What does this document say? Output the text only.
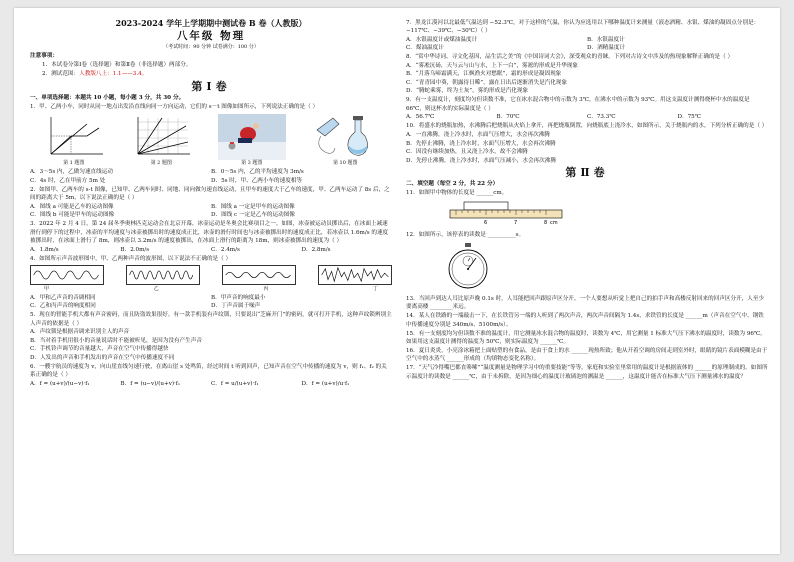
2023-2024 学年上学期期中测试卷 B 卷（人教版）
八年级 物理
（考试时间：90 分钟 试卷满分：100 分）
注意事项：
1．本试卷分第Ⅰ卷（选择题）和第Ⅱ卷（非选择题）两部分。
2．测试范围：人教版八上：1.1——3.4。
第Ⅰ卷
一、单项选择题：本题共 10 小题，每小题 3 分，共 30 分。
1．甲、乙两小车，同时从同一地点出发沿直线向同一方向运动，它们的 s－t 图像如图所示，下列说法正确的是（ ）
第 1 题图	第 2 题图	第 3 题图	第 10 题图
A．3～5s 内，乙做匀速直线运动	B．0～5s 内，乙的平均速度为 3m/s
C．4s 时，乙在甲前方 5m 处	D．5s 时，甲、乙两小车的速度相等
2．如图甲、乙两车的 s-t 图像，已知甲、乙两车同时、同地、同向做匀速直线运动，且甲车的速度大于乙车的速度，甲、乙两车运动了 8s 后，之间的距离大于 5m，以下说法正确的是（ ）
A．图线 a 可能是乙车的运动图像	B．图线 a 一定是甲车的运动图像
C．图线 b 可能是甲车的运动图像	D．图线 c 一定是乙车的运动图像
3．2022 年 2 月 4 日，第 24 届冬季奥林匹克运动会在北京开幕，冰壶运动是冬奥会比赛项目之一。如图，冰壶被运动员掷出后，在冰面上减速滑行到停下的过程中，冰壶的平均速度与冰壶被掷出时的速度成正比，冰壶的滑行时间也与冰壶被掷出时的速度成正比，若冰壶以 1.6m/s 的速度被掷出时，在冰面上滑行了 8m，则冰壶以 3.2m/s 的速度被掷出，在冰面上滑行的距离为 18m，则冰壶被掷出的速度为（ ）
A．1.8m/s	B．2.0m/s	C．2.4m/s	D．2.8m/s
4．如图所示声音波形图中，甲、乙两种声音的波形图，以下说法不正确的是（ ）
甲	乙	丙	丁
A．甲和乙声音的音调相同	B．甲声音的响度最小
C．乙和丙声音的响度相同	D．丁声音属于噪声
5．现在的智能手机大都有声音密码，而且防盗效果很好。有一款手机装有声纹锁，只要说出“芝麻开门”的密码，就可打开手机，这种声纹锁辨别主人声音的依据是（ ）
A．声纹锁是根据音调来识别主人的声音
B．当对着手机用很小的音量说话时不能被听见，是因为没有产生声音
C．手机铃声调节的音量越大，声音在空气中传播得越快
D．人发出的声音和手机发出的声音在空气中传播速度不同
6．一艘宇航员的速度为 v，向山崖直线匀速行驶，在离山崖 s 处鸣笛，经过时间 t 听到回声，已知声音在空气中传播的速度为 v，则 f₁、f₂ 的关系正确的是（ ）
A．f = (u+v)/(u−v)·f₁	B．f = (u−v)/(u+v)·f₁	C．f = u/(u+v)·f₁	D．f = (u+v)/u·f₁
7．黑龙江漠河以北最低气温达到 −52.3℃，对于这样的气温，你认为应选用以下哪种温度计来测量（液态酒精、水银、煤油的凝固点分别是：−117℃、−39℃、−30℃）（ ）
A．水银温度计或煤油温度计	B．水银温度计
C．煤油温度计	D．酒精温度计
8．“赏中华诗词、寻文化基因，品生活之美”的《中国诗词大会》，深受观众的青睐。下列对古诗文中涉及的热现象解释正确的是（ ）
A．“雾凇沆砀，天与云与山与水，上下一白”，雾凇的形成是升华现象
B．“月落乌啼霜满天，江枫渔火对愁眠”，霜的形成是凝固现象
C．“青青园中葵，朝露待日晞”，露在日出后逐渐消失是汽化现象
D．“腾蛇乘雾，终为土灰”，雾的形成是汽化现象
9．有一支温度计，刻度均匀但读数不准，它在冰水混合物中的示数为 3℃，在沸水中的示数为 93℃。用这支温度计测得烧杯中水的温度是 66℃，则这杯水的实际温度是（ ）
A．56.7℃	B．70℃	C．73.3℃	D．75℃
10．将盛水的烧瓶加热，水沸腾后把烧瓶从火焰上拿开，再把烧瓶倒置，向烧瓶底上浇冷水，如图所示，关于烧瓶内的水，下列分析正确的是（ ）
A．一直沸腾，浇上冷水时，水面气压增大，水会再次沸腾
B．先停止沸腾，浇上冷水时，水面气压增大，水会再次沸腾
C．因没有继续加热，且又浇上冷水，故不会沸腾
D．先停止沸腾，浇上冷水时，水面气压减小，水会再次沸腾
第Ⅱ卷
二、填空题（每空 2 分，共 22 分）
11．如图甲中物体的长度是 ______cm。
6	7	8 cm
12．如图所示，该停表的读数是 __________s。
13．当回声到达人耳比原声晚 0.1s 时，人耳能把回声跟原声区分开。一个人要想从听觉上把自己的拍手声和高楼反射回来的回声区分开，人至少要离高楼 ________米远。
14．某人在铁路的一端敲击一下，在长铁管另一端的人听到了两次声音，两次声音间隔为 1.4s，求铁管的长度是 ______m（声音在空气中、钢铁中传播速度分别是 340m/s、5100m/s）。
15．有一支刻度均匀但读数不准的温度计，用它测量冰水混合物的温度时，读数为 4℃，用它测量 1 标准大气压下沸水的温度时，读数为 96℃。如果用这支温度计测得的温度为 50℃，则实际温度为 ______℃。
16．夏日炎炎，小亮涂冰箱把上面贴塑的有食品，是由于食上的水 ______现热所致；他从开着空调的房间走到室外时，眼睛的镜片表面模糊是由于空气中的水蒸气 ______形成的（均填物态变化名称）。
17．“天气冷得嘴巴都直哆嗦”“温度测量是物理学习中的重要技能”等等，家庭和实验室里常用的温度计是根据液体的 ______的原理制成的。如图所示温度计的读数是 ______℃，由于未拆除，是因为细心的温度计玻璃泡的测温是 ______，这温度计能否在标准大气压下测量沸水的温度？
